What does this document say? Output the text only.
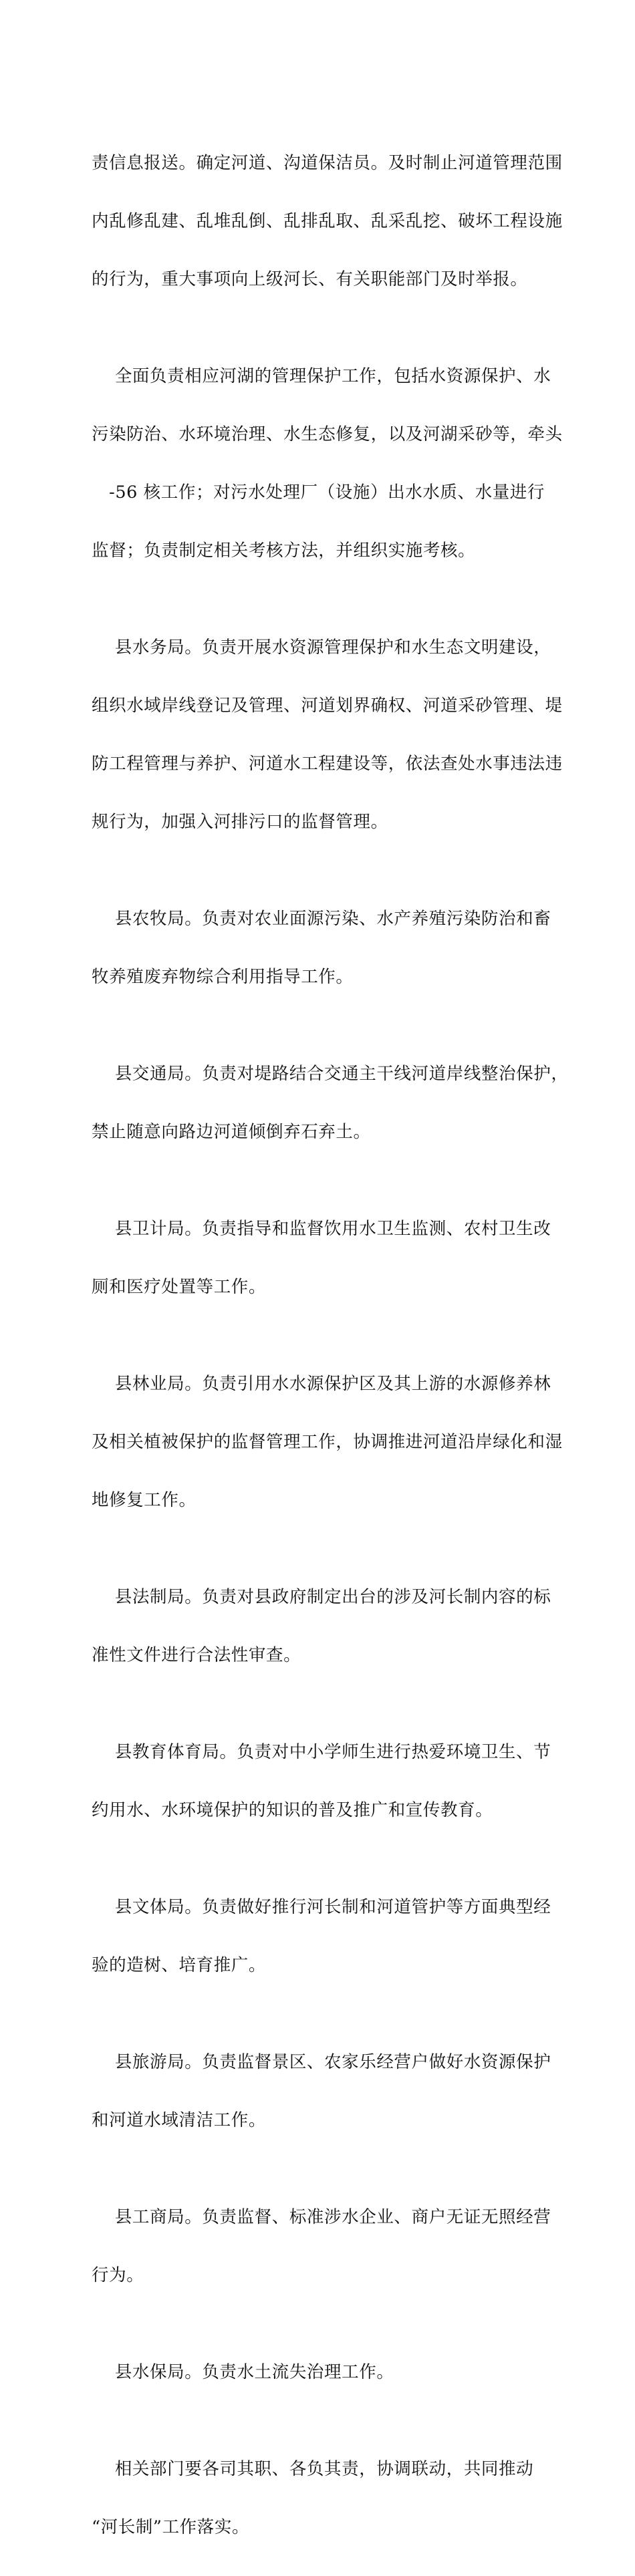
责信息报送。确定河道、沟道保洁员。及时制止河道管理范围

内乱修乱建、乱堆乱倒、乱排乱取、乱采乱挖、破坏工程设施

的行为，重大事项向上级河长、有关职能部门及时举报。

全面负责相应河湖的管理保护工作，包括水资源保护、水

污染防治、水环境治理、水生态修复，以及河湖采砂等，牵头

-56 核工作；对污水处理厂（设施）出水水质、水量进行

监督；负责制定相关考核方法，并组织实施考核。

县水务局。负责开展水资源管理保护和水生态文明建设，

组织水域岸线登记及管理、河道划界确权、河道采砂管理、堤

防工程管理与养护、河道水工程建设等，依法查处水事违法违

规行为，加强入河排污口的监督管理。

县农牧局。负责对农业面源污染、水产养殖污染防治和畜

牧养殖废弃物综合利用指导工作。

县交通局。负责对堤路结合交通主干线河道岸线整治保护，

禁止随意向路边河道倾倒弃石弃土。

县卫计局。负责指导和监督饮用水卫生监测、农村卫生改

厕和医疗处置等工作。

县林业局。负责引用水水源保护区及其上游的水源修养林

及相关植被保护的监督管理工作，协调推进河道沿岸绿化和湿

地修复工作。

县法制局。负责对县政府制定出台的涉及河长制内容的标

准性文件进行合法性审查。

县教育体育局。负责对中小学师生进行热爱环境卫生、节

约用水、水环境保护的知识的普及推广和宣传教育。

县文体局。负责做好推行河长制和河道管护等方面典型经

验的造树、培育推广。

县旅游局。负责监督景区、农家乐经营户做好水资源保护

和河道水域清洁工作。

县工商局。负责监督、标准涉水企业、商户无证无照经营

行为。

县水保局。负责水土流失治理工作。

相关部门要各司其职、各负其责，协调联动，共同推动

“河长制”工作落实。
